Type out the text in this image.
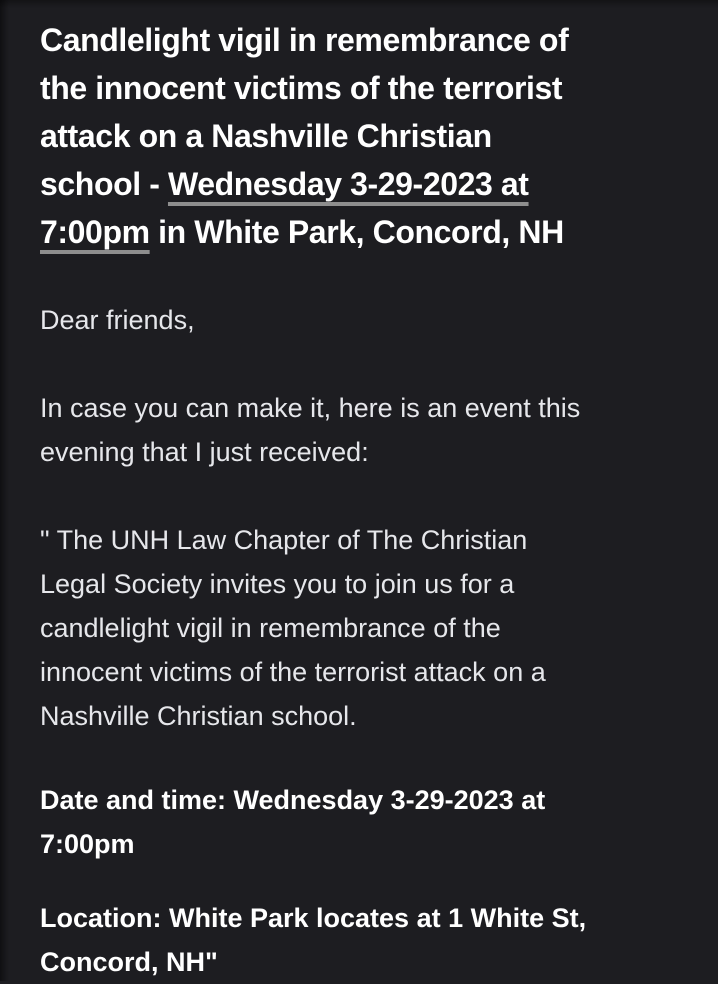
Candlelight vigil in remembrance of
the innocent victims of the terrorist
attack on a Nashville Christian
school - Wednesday 3-29-2023 at
7:00pm in White Park, Concord, NH

Dear friends,

In case you can make it, here is an event this
evening that I just received:

" The UNH Law Chapter of The Christian
Legal Society invites you to join us for a
candlelight vigil in remembrance of the
innocent victims of the terrorist attack on a
Nashville Christian school.

Date and time: Wednesday 3-29-2023 at
7:00pm

Location: White Park locates at 1 White St,
Concord, NH"
